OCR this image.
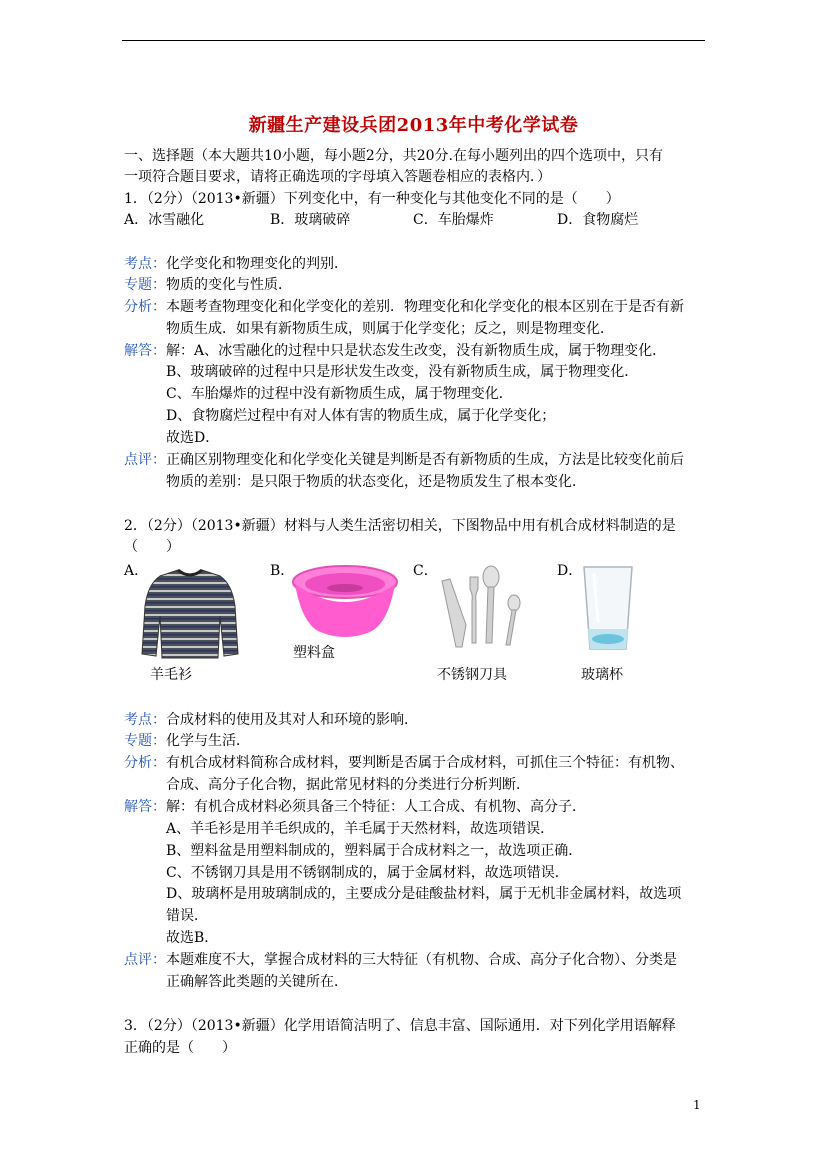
新疆生产建设兵团2013年中考化学试卷
一、选择题（本大题共10小题，每小题2分，共20分.在每小题列出的四个选项中，只有
一项符合题目要求，请将正确选项的字母填入答题卷相应的表格内．）
1．（2分）（2013•新疆）下列变化中，有一种变化与其他变化不同的是（　　）
A．冰雪融化	B．玻璃破碎	C．车胎爆炸	D．食物腐烂
考点： 化学变化和物理变化的判别．
专题： 物质的变化与性质．
分析： 本题考查物理变化和化学变化的差别．物理变化和化学变化的根本区别在于是否有新
物质生成．如果有新物质生成，则属于化学变化；反之，则是物理变化．
解答： 解：A、冰雪融化的过程中只是状态发生改变，没有新物质生成，属于物理变化．
B、玻璃破碎的过程中只是形状发生改变，没有新物质生成，属于物理变化．
C、车胎爆炸的过程中没有新物质生成，属于物理变化．
D、食物腐烂过程中有对人体有害的物质生成，属于化学变化；
故选D．
点评： 正确区别物理变化和化学变化关键是判断是否有新物质的生成，方法是比较变化前后
物质的差别：是只限于物质的状态变化，还是物质发生了根本变化．
2．（2分）（2013•新疆）材料与人类生活密切相关，下图物品中用有机合成材料制造的是
（　　）
A．	B．	C．	D．
羊毛衫
塑料盒
不锈钢刀具	玻璃杯
考点： 合成材料的使用及其对人和环境的影响．
专题： 化学与生活．
分析： 有机合成材料简称合成材料，要判断是否属于合成材料，可抓住三个特征：有机物、
合成、高分子化合物，据此常见材料的分类进行分析判断．
解答： 解：有机合成材料必须具备三个特征：人工合成、有机物、高分子．
A、羊毛衫是用羊毛织成的，羊毛属于天然材料，故选项错误．
B、塑料盆是用塑料制成的，塑料属于合成材料之一，故选项正确．
C、不锈钢刀具是用不锈钢制成的，属于金属材料，故选项错误．
D、玻璃杯是用玻璃制成的，主要成分是硅酸盐材料，属于无机非金属材料，故选项
错误．
故选B．
点评： 本题难度不大，掌握合成材料的三大特征（有机物、合成、高分子化合物）、分类是
正确解答此类题的关键所在．
3．（2分）（2013•新疆）化学用语简洁明了、信息丰富、国际通用．对下列化学用语解释
正确的是（　　）
1
